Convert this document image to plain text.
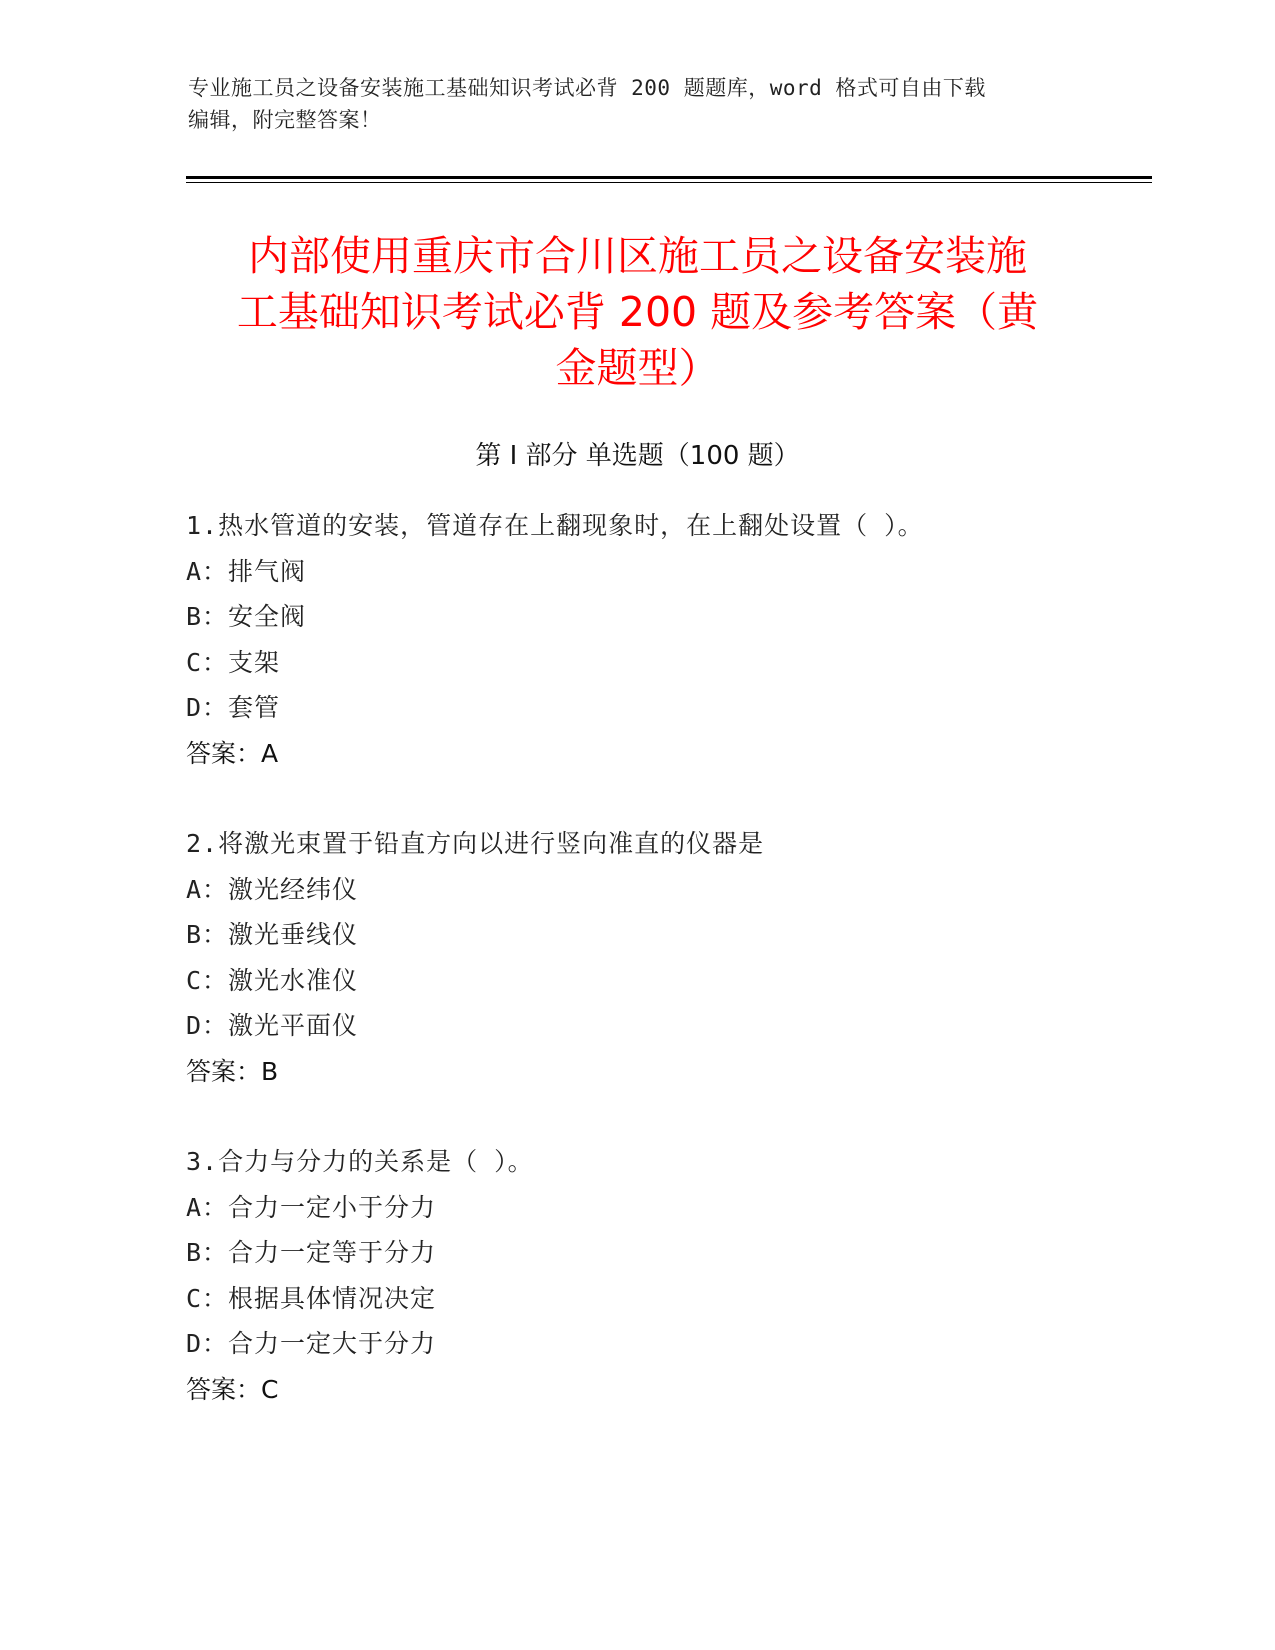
专业施工员之设备安装施工基础知识考试必背 200 题题库，word 格式可自由下载
编辑，附完整答案！
内部使用重庆市合川区施工员之设备安装施
工基础知识考试必背 200 题及参考答案（黄
金题型）
第 I 部分 单选题（100 题）
1.热水管道的安装，管道存在上翻现象时，在上翻处设置（ ）。
A：排气阀
B：安全阀
C：支架
D：套管
答案：A
2.将激光束置于铅直方向以进行竖向准直的仪器是
A：激光经纬仪
B：激光垂线仪
C：激光水准仪
D：激光平面仪
答案：B
3.合力与分力的关系是（ ）。
A：合力一定小于分力
B：合力一定等于分力
C：根据具体情况决定
D：合力一定大于分力
答案：C
